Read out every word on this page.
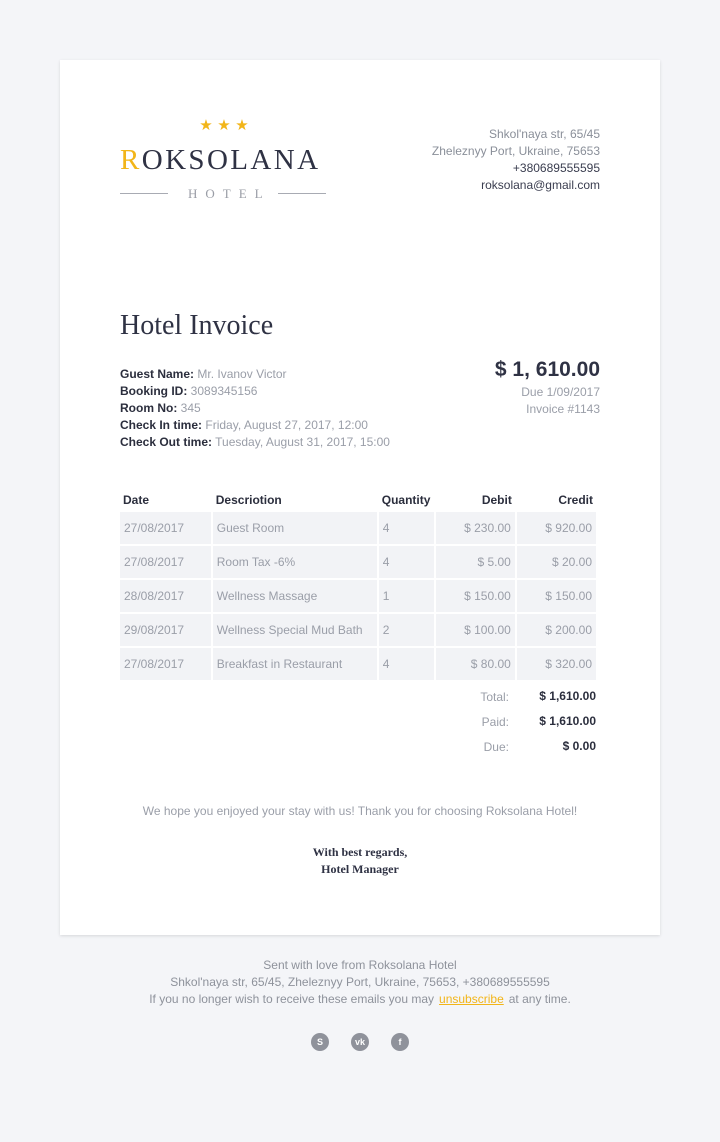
★ ★ ★
ROKSOLANA
HOTEL
Shkol'naya str, 65/45
Zheleznyy Port, Ukraine, 75653
+380689555595
roksolana@gmail.com
Hotel Invoice
Guest Name: Mr. Ivanov Victor
Booking ID: 3089345156
Room No: 345
Check In time: Friday, August 27, 2017, 12:00
Check Out time: Tuesday, August 31, 2017, 15:00
$ 1, 610.00
Due 1/09/2017
Invoice #1143
Date	Descriotion	Quantity	Debit	Credit
27/08/2017	Guest Room	4	$ 230.00	$ 920.00
27/08/2017	Room Tax -6%	4	$ 5.00	$ 20.00
28/08/2017	Wellness Massage	1	$ 150.00	$ 150.00
29/08/2017	Wellness Special Mud Bath	2	$ 100.00	$ 200.00
27/08/2017	Breakfast in Restaurant	4	$ 80.00	$ 320.00
Total:	$ 1,610.00
Paid:	$ 1,610.00
Due:	$ 0.00
We hope you enjoyed your stay with us! Thank you for choosing Roksolana Hotel!
With best regards,
Hotel Manager
Sent with love from Roksolana Hotel
Shkol'naya str, 65/45, Zheleznyy Port, Ukraine, 75653, +380689555595
If you no longer wish to receive these emails you may unsubscribe at any time.
S	vk	f
